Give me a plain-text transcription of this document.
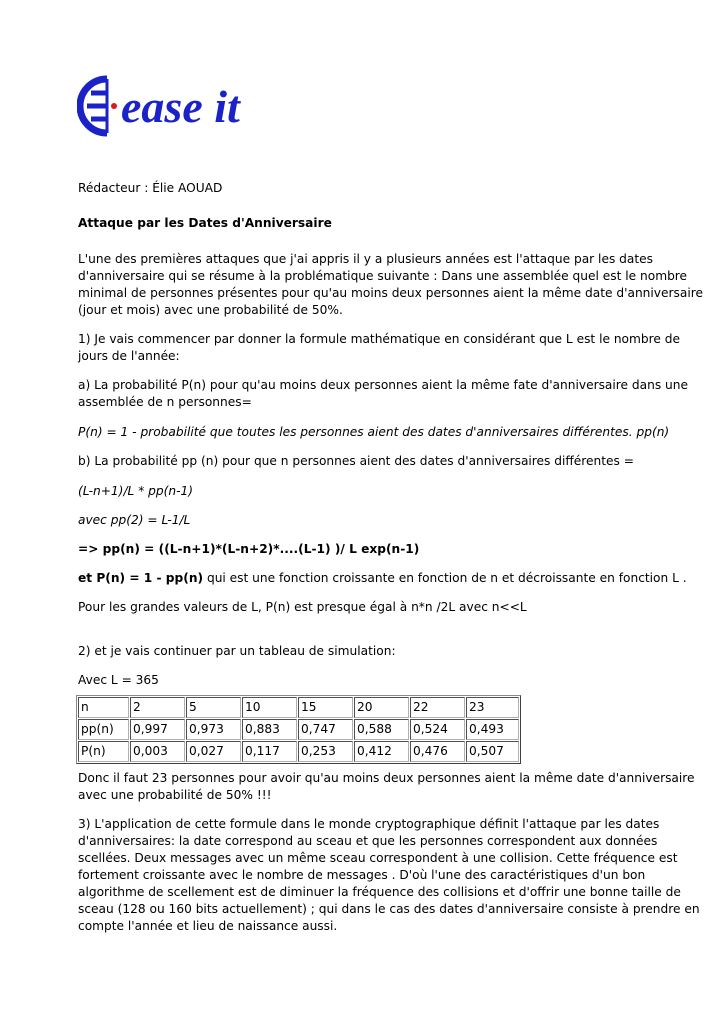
ease it

Rédacteur : Élie AOUAD

Attaque par les Dates d'Anniversaire

L'une des premières attaques que j'ai appris il y a plusieurs années est l'attaque par les dates

d'anniversaire qui se résume à la problématique suivante : Dans une assemblée quel est le nombre

minimal de personnes présentes pour qu'au moins deux personnes aient la même date d'anniversaire

(jour et mois) avec une probabilité de 50%.

1) Je vais commencer par donner la formule mathématique en considérant que L est le nombre de

jours de l'année:

a) La probabilité P(n) pour qu'au moins deux personnes aient la même fate d'anniversaire dans une

assemblée de n personnes=

P(n) = 1 - probabilité que toutes les personnes aient des dates d'anniversaires différentes. pp(n)

b) La probabilité pp (n) pour que n personnes aient des dates d'anniversaires différentes =

(L-n+1)/L * pp(n-1)

avec pp(2) = L-1/L

=> pp(n) = ((L-n+1)*(L-n+2)*....(L-1) )/ L exp(n-1)

et P(n) = 1 - pp(n) qui est une fonction croissante en fonction de n et décroissante en fonction L .

Pour les grandes valeurs de L, P(n) est presque égal à n*n /2L avec n<<L

2) et je vais continuer par un tableau de simulation:

Avec L = 365

n	2	5	10	15	20	22	23
pp(n)	0,997	0,973	0,883	0,747	0,588	0,524	0,493
P(n)	0,003	0,027	0,117	0,253	0,412	0,476	0,507

Donc il faut 23 personnes pour avoir qu'au moins deux personnes aient la même date d'anniversaire

avec une probabilité de 50% !!!

3) L'application de cette formule dans le monde cryptographique définit l'attaque par les dates

d'anniversaires: la date correspond au sceau et que les personnes correspondent aux données

scellées. Deux messages avec un même sceau correspondent à une collision. Cette fréquence est

fortement croissante avec le nombre de messages . D'où l'une des caractéristiques d'un bon

algorithme de scellement est de diminuer la fréquence des collisions et d'offrir une bonne taille de

sceau (128 ou 160 bits actuellement) ; qui dans le cas des dates d'anniversaire consiste à prendre en

compte l'année et lieu de naissance aussi.
